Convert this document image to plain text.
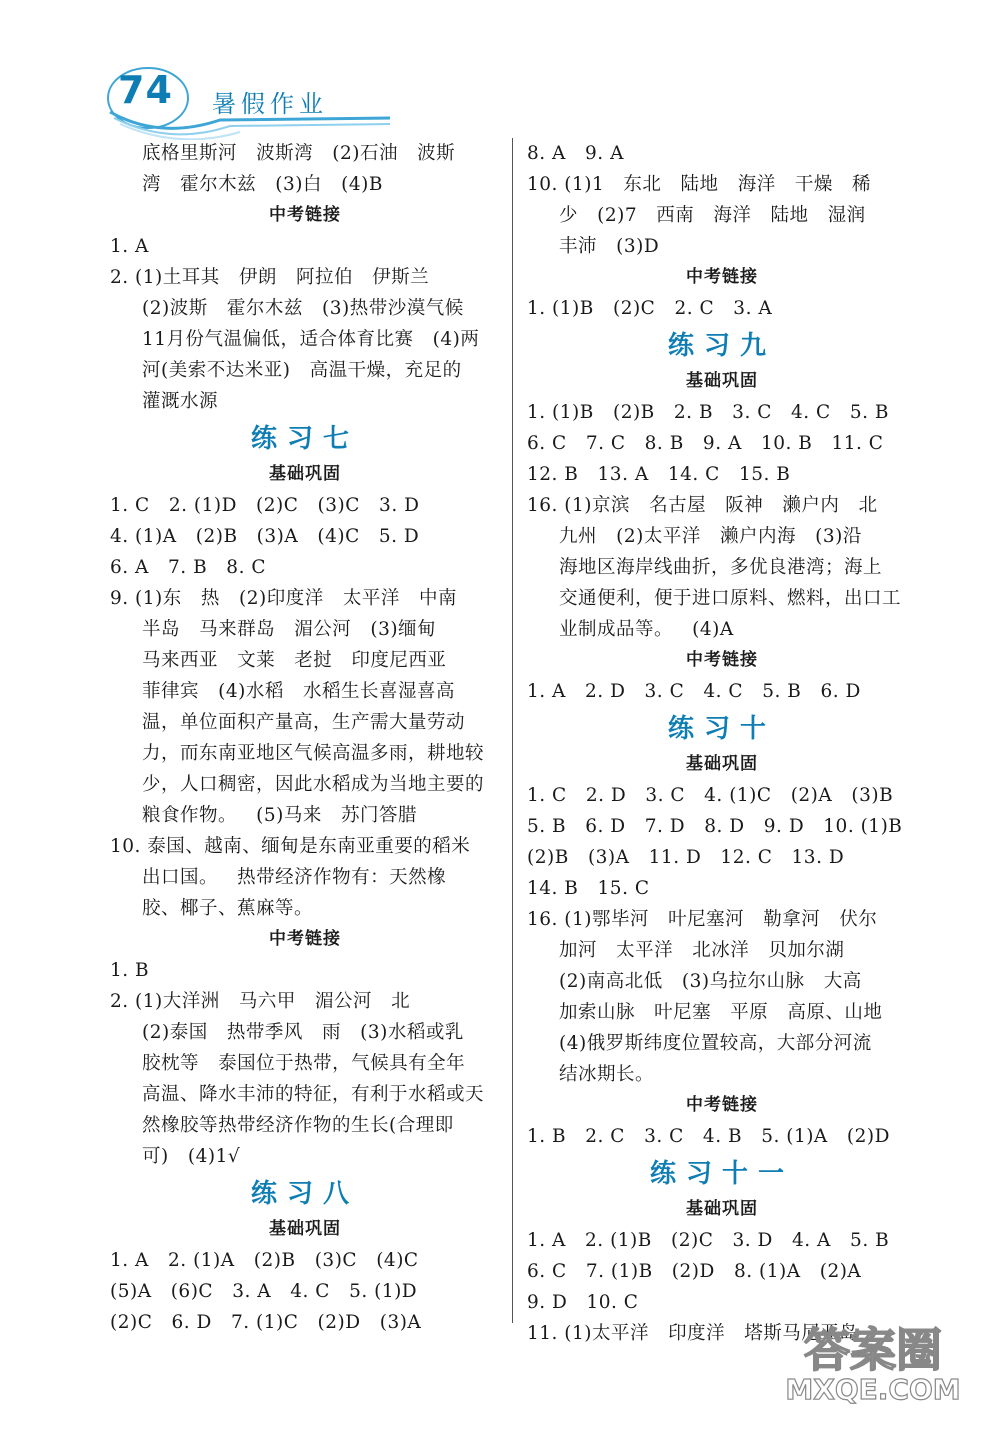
74 暑假作业
底格里斯河   波斯湾   (2)石油   波斯
湾   霍尔木兹   (3)白   (4)B
中考链接
1. A
2. (1)土耳其   伊朗   阿拉伯   伊斯兰
(2)波斯   霍尔木兹   (3)热带沙漠气候
11月份气温偏低，适合体育比赛   (4)两
河(美索不达米亚)   高温干燥，充足的
灌溉水源
练习七
基础巩固
1. C   2. (1)D   (2)C   (3)C   3. D
4. (1)A   (2)B   (3)A   (4)C   5. D
6. A   7. B   8. C
9. (1)东   热   (2)印度洋   太平洋   中南
半岛   马来群岛   湄公河   (3)缅甸
马来西亚   文莱   老挝   印度尼西亚
菲律宾   (4)水稻   水稻生长喜湿喜高
温，单位面积产量高，生产需大量劳动
力，而东南亚地区气候高温多雨，耕地较
少，人口稠密，因此水稻成为当地主要的
粮食作物。   (5)马来   苏门答腊
10. 泰国、越南、缅甸是东南亚重要的稻米
出口国。   热带经济作物有：天然橡
胶、椰子、蕉麻等。
中考链接
1. B
2. (1)大洋洲   马六甲   湄公河   北
(2)泰国   热带季风   雨   (3)水稻或乳
胶枕等   泰国位于热带，气候具有全年
高温、降水丰沛的特征，有利于水稻或天
然橡胶等热带经济作物的生长(合理即
可)   (4)1√
练习八
基础巩固
1. A   2. (1)A   (2)B   (3)C   (4)C
(5)A   (6)C   3. A   4. C   5. (1)D
(2)C   6. D   7. (1)C   (2)D   (3)A
8. A   9. A
10. (1)1   东北   陆地   海洋   干燥   稀
少   (2)7   西南   海洋   陆地   湿润
丰沛   (3)D
中考链接
1. (1)B   (2)C   2. C   3. A
练习九
基础巩固
1. (1)B   (2)B   2. B   3. C   4. C   5. B
6. C   7. C   8. B   9. A   10. B   11. C
12. B   13. A   14. C   15. B
16. (1)京滨   名古屋   阪神   濑户内   北
九州   (2)太平洋   濑户内海   (3)沿
海地区海岸线曲折，多优良港湾；海上
交通便利，便于进口原料、燃料，出口工
业制成品等。   (4)A
中考链接
1. A   2. D   3. C   4. C   5. B   6. D
练习十
基础巩固
1. C   2. D   3. C   4. (1)C   (2)A   (3)B
5. B   6. D   7. D   8. D   9. D   10. (1)B
(2)B   (3)A   11. D   12. C   13. D
14. B   15. C
16. (1)鄂毕河   叶尼塞河   勒拿河   伏尔
加河   太平洋   北冰洋   贝加尔湖
(2)南高北低   (3)乌拉尔山脉   大高
加索山脉   叶尼塞   平原   高原、山地
(4)俄罗斯纬度位置较高，大部分河流
结冰期长。
中考链接
1. B   2. C   3. C   4. B   5. (1)A   (2)D
练习十一
基础巩固
1. A   2. (1)B   (2)C   3. D   4. A   5. B
6. C   7. (1)B   (2)D   8. (1)A   (2)A
9. D   10. C
11. (1)太平洋   印度洋   塔斯马尼亚岛
答案圈
MXQE.COM
